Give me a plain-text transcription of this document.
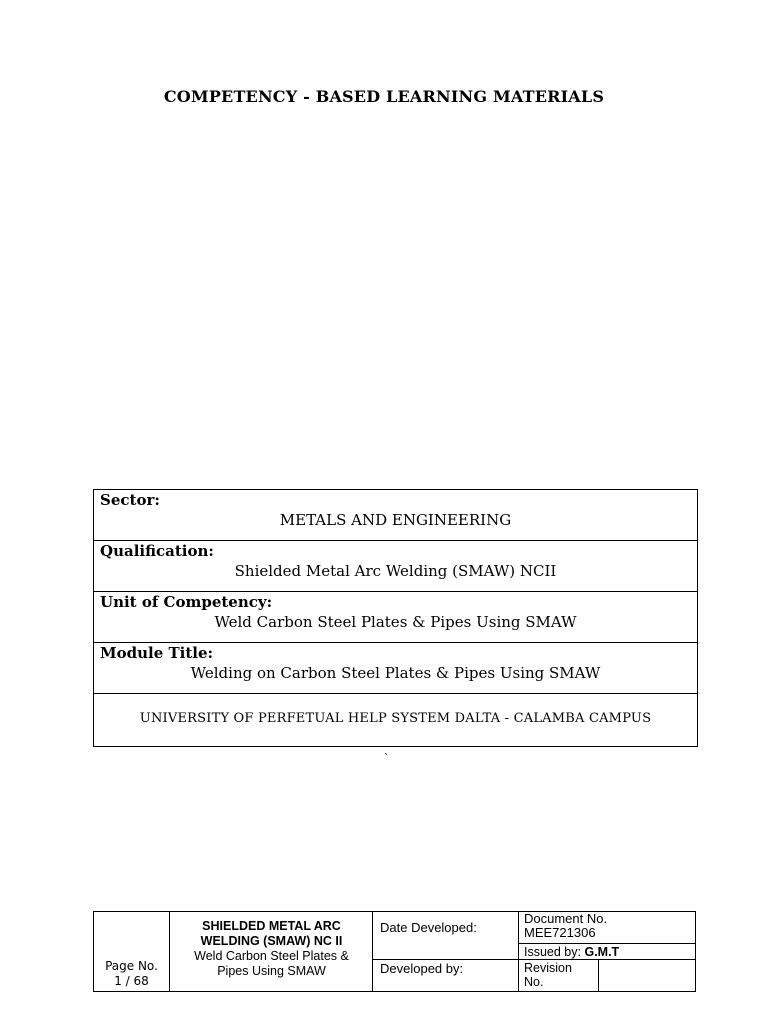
COMPETENCY - BASED LEARNING MATERIALS
Sector:
METALS AND ENGINEERING
Qualification:
Shielded Metal Arc Welding (SMAW) NCII
Unit of Competency:
Weld Carbon Steel Plates & Pipes Using SMAW
Module Title:
Welding on Carbon Steel Plates & Pipes Using SMAW
UNIVERSITY OF PERFETUAL HELP SYSTEM DALTA - CALAMBA CAMPUS
`
Page No.
1 / 68
SHIELDED METAL ARC
WELDING (SMAW) NC II
Weld Carbon Steel Plates &
Pipes Using SMAW
Date Developed:
Developed by:
Document No.
MEE721306
Issued by: G.M.T
Revision
No.
